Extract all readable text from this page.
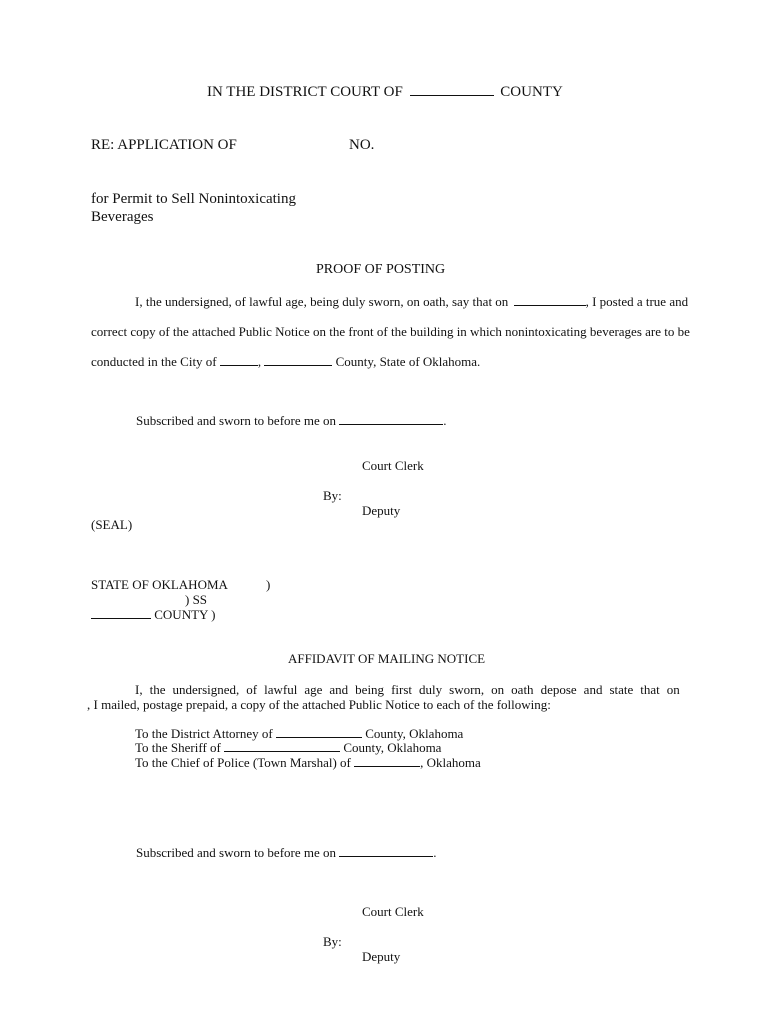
IN THE DISTRICT COURT OF	COUNTY
RE: APPLICATION OF	NO.
for Permit to Sell Nonintoxicating
Beverages
PROOF OF POSTING
I, the undersigned, of lawful age, being duly sworn, on oath, say that on	, I posted a true and
correct copy of the attached Public Notice on the front of the building in which nonintoxicating beverages are to be
conducted in the City of	,	County, State of Oklahoma.
Subscribed and sworn to before me on	.
Court Clerk
By:
Deputy
(SEAL)
STATE OF OKLAHOMA	)
) SS
COUNTY )
AFFIDAVIT OF MAILING NOTICE
I, the undersigned, of lawful age and being first duly sworn, on oath depose and state that on
, I mailed, postage prepaid, a copy of the attached Public Notice to each of the following:
To the District Attorney of	County, Oklahoma
To the Sheriff of	County, Oklahoma
To the Chief of Police (Town Marshal) of	, Oklahoma
Subscribed and sworn to before me on	.
Court Clerk
By:
Deputy
